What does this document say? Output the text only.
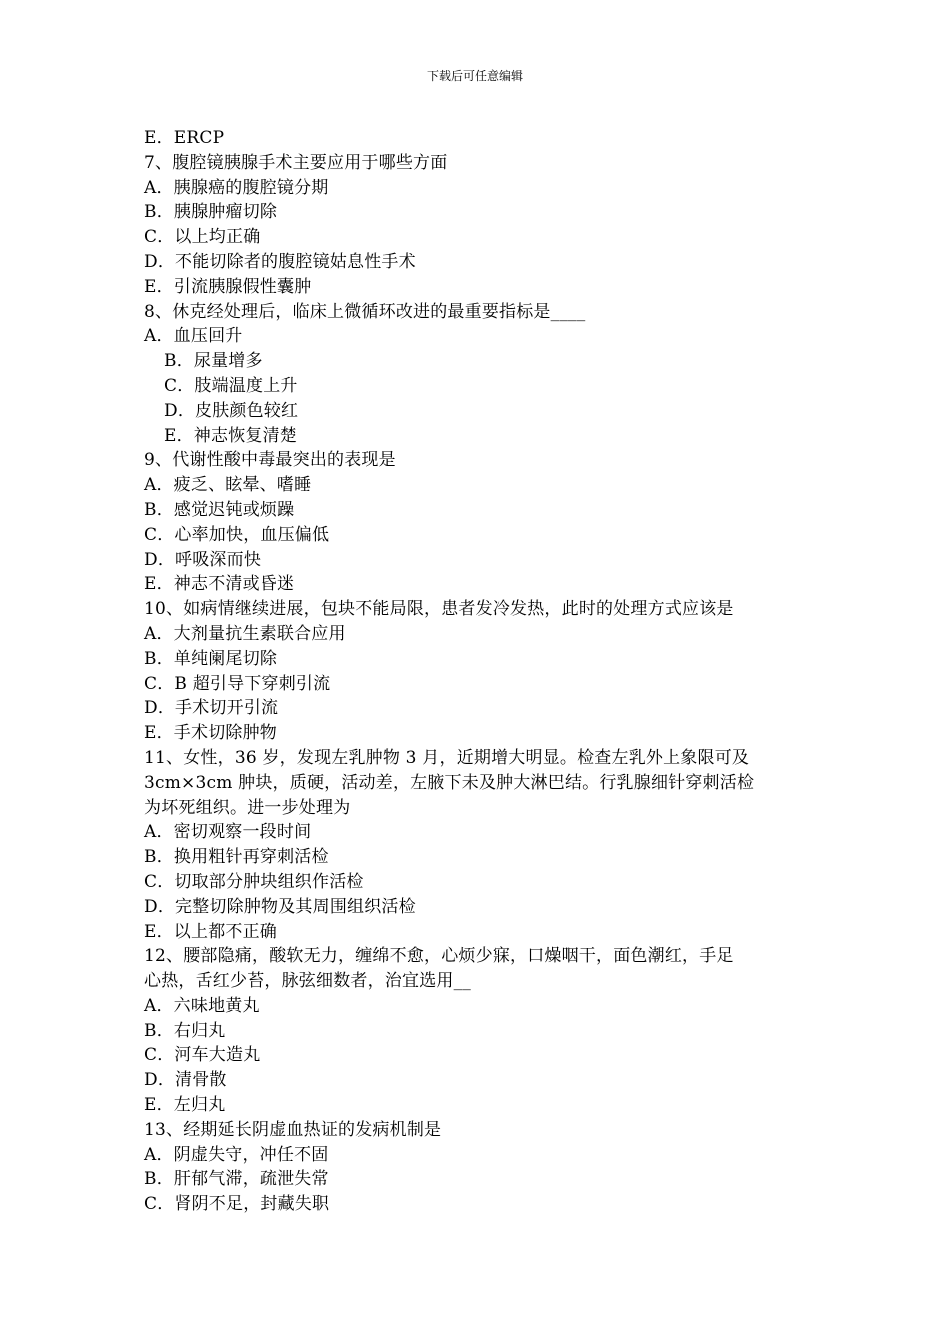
下载后可任意编辑
E．ERCP
7、腹腔镜胰腺手术主要应用于哪些方面
A．胰腺癌的腹腔镜分期
B．胰腺肿瘤切除
C．以上均正确
D．不能切除者的腹腔镜姑息性手术
E．引流胰腺假性囊肿
8、休克经处理后，临床上微循环改进的最重要指标是____
A．血压回升
B．尿量增多
C．肢端温度上升
D．皮肤颜色较红
E．神志恢复清楚
9、代谢性酸中毒最突出的表现是
A．疲乏、眩晕、嗜睡
B．感觉迟钝或烦躁
C．心率加快，血压偏低
D．呼吸深而快
E．神志不清或昏迷
10、如病情继续进展，包块不能局限，患者发冷发热，此时的处理方式应该是
A．大剂量抗生素联合应用
B．单纯阑尾切除
C．B 超引导下穿刺引流
D．手术切开引流
E．手术切除肿物
11、女性，36 岁，发现左乳肿物 3 月，近期增大明显。检查左乳外上象限可及
3cm×3cm 肿块，质硬，活动差，左腋下未及肿大淋巴结。行乳腺细针穿刺活检
为坏死组织。进一步处理为
A．密切观察一段时间
B．换用粗针再穿刺活检
C．切取部分肿块组织作活检
D．完整切除肿物及其周围组织活检
E．以上都不正确
12、腰部隐痛，酸软无力，缠绵不愈，心烦少寐，口燥咽干，面色潮红，手足
心热，舌红少苔，脉弦细数者，治宜选用__
A．六味地黄丸
B．右归丸
C．河车大造丸
D．清骨散
E．左归丸
13、经期延长阴虚血热证的发病机制是
A．阴虚失守，冲任不固
B．肝郁气滞，疏泄失常
C．肾阴不足，封藏失职
